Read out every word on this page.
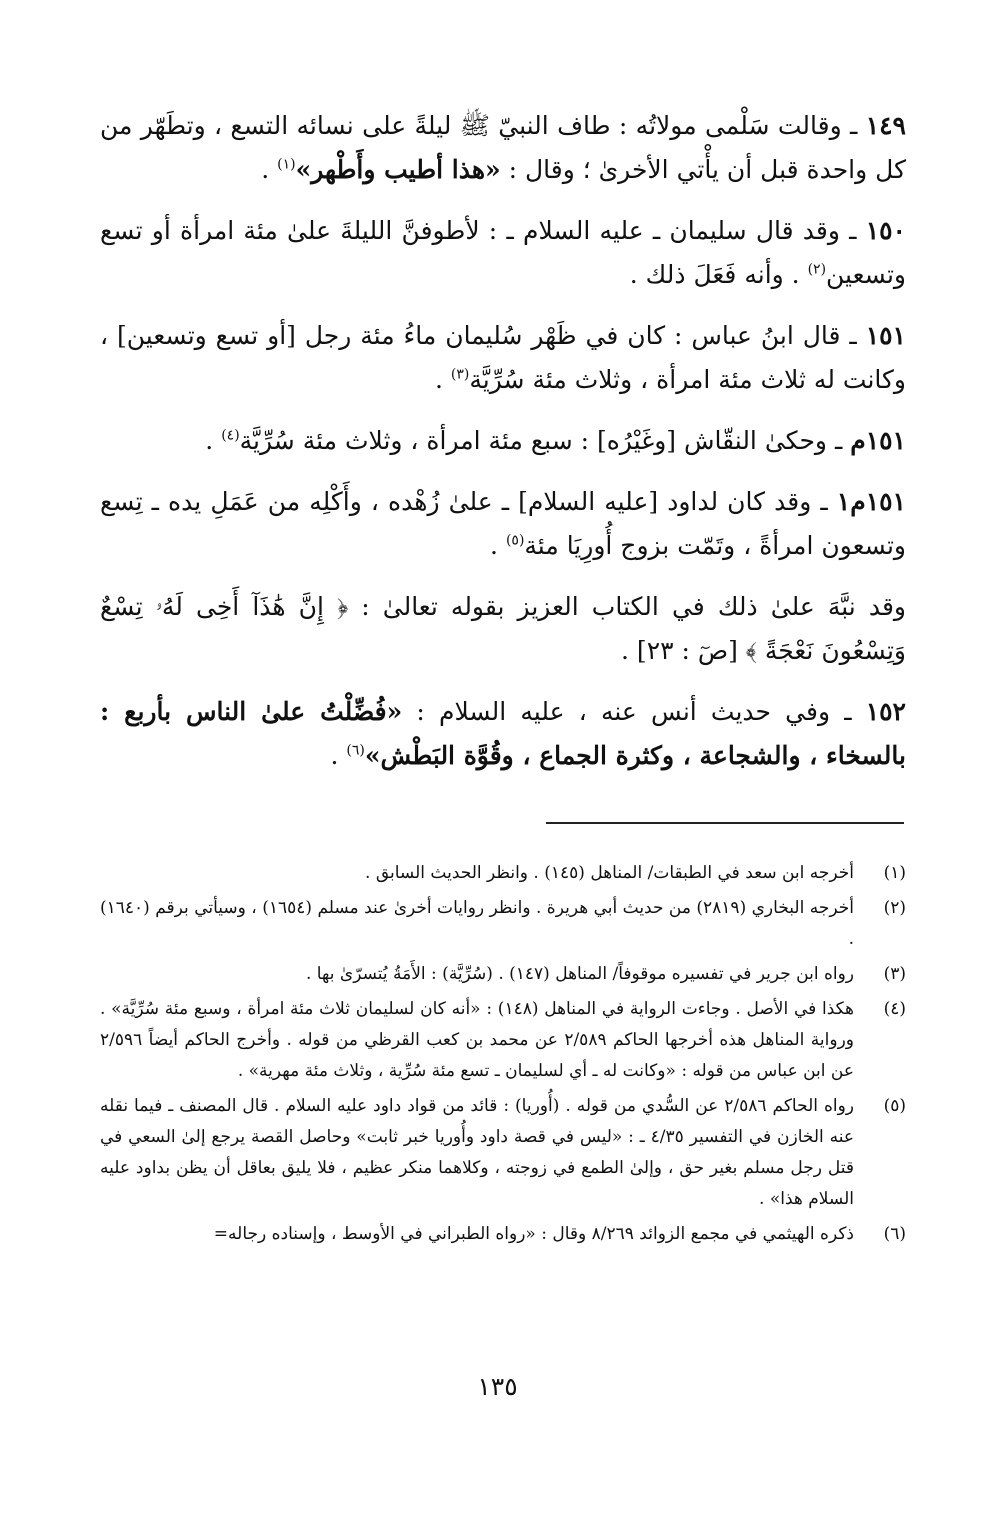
١٤٩ ـ وقالت سَلْمى مولاتُه : طاف النبيّ ﷺ ليلةً على نسائه التسع ، وتطَهّر من كل واحدة قبل أن يأْتي الأخرىٰ ؛ وقال : «هذا أطيب وأَطْهر»$^{(١)}$ .

١٥٠ ـ وقد قال سليمان ـ عليه السلام ـ : لأطوفنَّ الليلةَ علىٰ مئة امرأة أو تسع وتسعين$^{(٢)}$ . وأنه فَعَلَ ذلك .

١٥١ ـ قال ابنُ عباس : كان في ظَهْر سُليمان ماءُ مئة رجل [أو تسع وتسعين] ، وكانت له ثلاث مئة امرأة ، وثلاث مئة سُرِّيَّة$^{(٣)}$ .

١٥١م ـ وحكىٰ النقّاش [وغَيْرُه] : سبع مئة امرأة ، وثلاث مئة سُرِّيَّة$^{(٤)}$ .

١٥١م١ ـ وقد كان لداود [عليه السلام] ـ علىٰ زُهْده ، وأَكْلِه من عَمَلِ يده ـ تِسع وتسعون امرأةً ، وتَمّت بزوج أُورِيَا مئة$^{(٥)}$ .

وقد نبَّهَ علىٰ ذلك في الكتاب العزيز بقوله تعالىٰ : ﴿ إِنَّ هَٰذَآ أَخِى لَهُۥ تِسْعٌ وَتِسْعُونَ نَعْجَةً ﴾ [صٓ : ٢٣] .

١٥٢ ـ وفي حديث أنس عنه ، عليه السلام : «فُضِّلْتُ علىٰ الناس بأربع : بالسخاء ، والشجاعة ، وكثرة الجماع ، وقُوَّة البَطْش»$^{(٦)}$ .

(١)
أخرجه ابن سعد في الطبقات/ المناهل (١٤٥) . وانظر الحديث السابق .
(٢)
أخرجه البخاري (٢٨١٩) من حديث أبي هريرة . وانظر روايات أخرىٰ عند مسلم (١٦٥٤) ، وسيأتي برقم (١٦٤٠) .
(٣)
رواه ابن جرير في تفسيره موقوفاً/ المناهل (١٤٧) . (سُرِّيَّة) : الأَمَةُ يُتسرّىٰ بها .
(٤)
هكذا في الأصل . وجاءت الرواية في المناهل (١٤٨) : «أنه كان لسليمان ثلاث مئة امرأة ، وسبع مئة سُرِّيَّة» . ورواية المناهل هذه أخرجها الحاكم ٢/٥٨٩ عن محمد بن كعب القرظي من قوله . وأخرج الحاكم أيضاً ٢/٥٩٦ عن ابن عباس من قوله : «وكانت له ـ أي لسليمان ـ تسع مئة سُرِّية ، وثلاث مئة مهرية» .
(٥)
رواه الحاكم ٢/٥٨٦ عن السُّدي من قوله . (أُوريا) : قائد من قواد داود عليه السلام . قال المصنف ـ فيما نقله عنه الخازن في التفسير ٤/٣٥ ـ : «ليس في قصة داود وأُوريا خبر ثابت» وحاصل القصة يرجع إلىٰ السعي في قتل رجل مسلم بغير حق ، وإلىٰ الطمع في زوجته ، وكلاهما منكر عظيم ، فلا يليق بعاقل أن يظن بداود عليه السلام هذا» .
(٦)
ذكره الهيثمي في مجمع الزوائد ٨/٢٦٩ وقال : «رواه الطبراني في الأوسط ، وإسناده رجاله=
١٣٥
